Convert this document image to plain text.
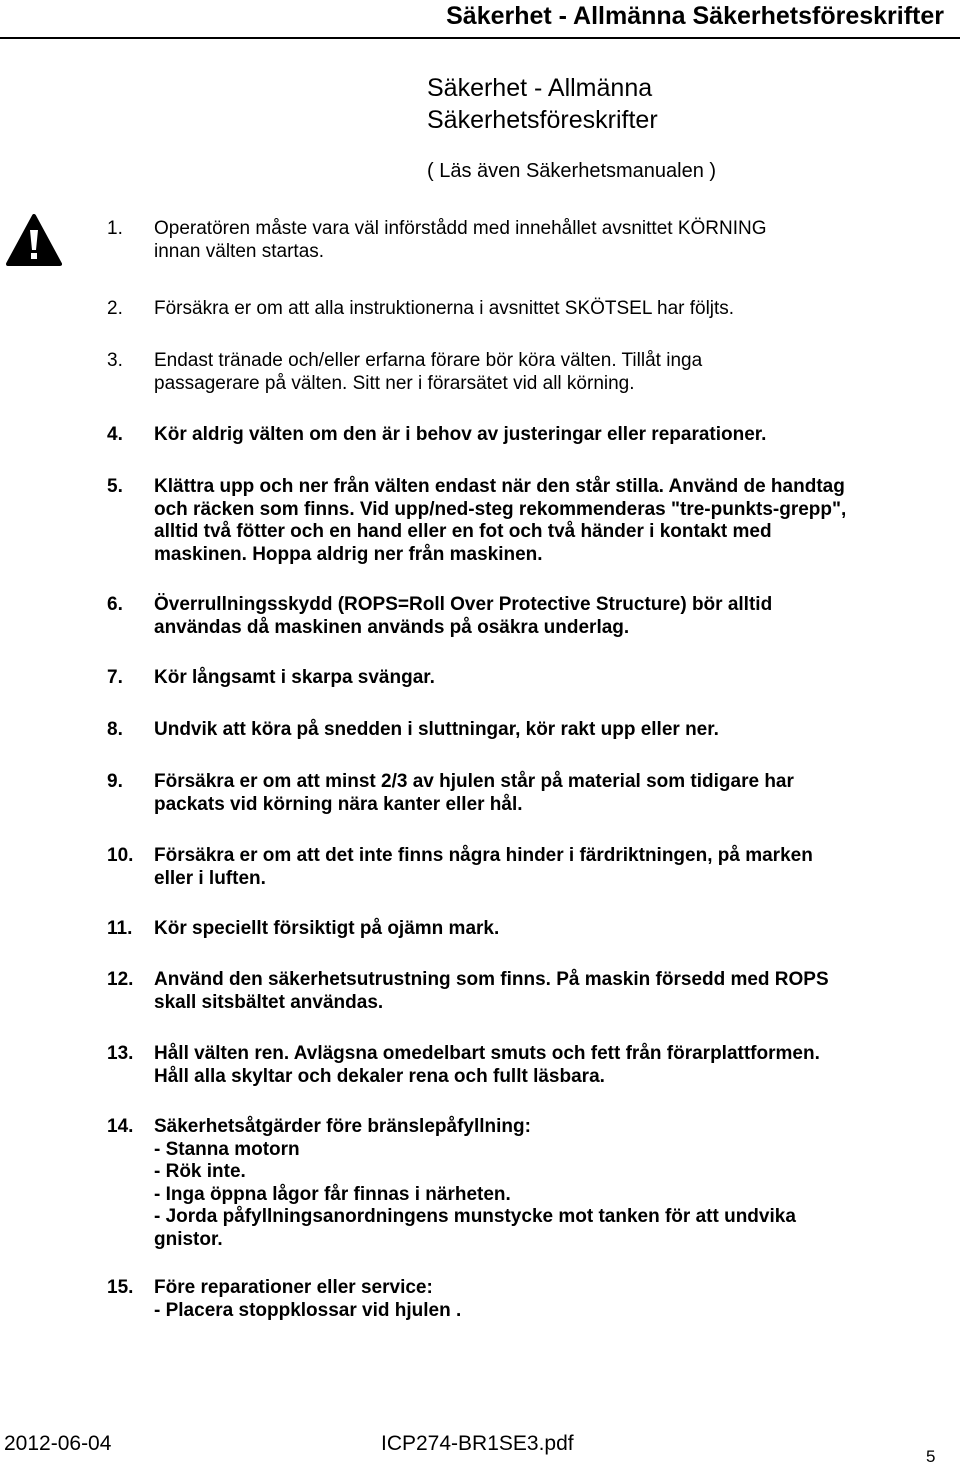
Säkerhet - Allmänna Säkerhetsföreskrifter
Säkerhet - Allmänna
Säkerhetsföreskrifter
( Läs även Säkerhetsmanualen )
1.	Operatören måste vara väl införstådd med innehållet avsnittet KÖRNING
innan välten startas.
2.	Försäkra er om att alla instruktionerna i avsnittet SKÖTSEL har följts.
3.	Endast tränade och/eller erfarna förare bör köra välten. Tillåt inga
passagerare på välten. Sitt ner i förarsätet vid all körning.
4.	Kör aldrig välten om den är i behov av justeringar eller reparationer.
5.	Klättra upp och ner från välten endast när den står stilla. Använd de handtag
och räcken som finns. Vid upp/ned-steg rekommenderas "tre-punkts-grepp",
alltid två fötter och en hand eller en fot och två händer i kontakt med
maskinen. Hoppa aldrig ner från maskinen.
6.	Överrullningsskydd (ROPS=Roll Over Protective Structure) bör alltid
användas då maskinen används på osäkra underlag.
7.	Kör långsamt i skarpa svängar.
8.	Undvik att köra på snedden i sluttningar, kör rakt upp eller ner.
9.	Försäkra er om att minst 2/3 av hjulen står på material som tidigare har
packats vid körning nära kanter eller hål.
10.	Försäkra er om att det inte finns några hinder i färdriktningen, på marken
eller i luften.
11.	Kör speciellt försiktigt på ojämn mark.
12.	Använd den säkerhetsutrustning som finns. På maskin försedd med ROPS
skall sitsbältet användas.
13.	Håll välten ren. Avlägsna omedelbart smuts och fett från förarplattformen.
Håll alla skyltar och dekaler rena och fullt läsbara.
14.	Säkerhetsåtgärder före bränslepåfyllning:
- Stanna motorn
- Rök inte.
- Inga öppna lågor får finnas i närheten.
- Jorda påfyllningsanordningens munstycke mot tanken för att undvika
gnistor.
15.	Före reparationer eller service:
- Placera stoppklossar vid hjulen .
2012-06-04	ICP274-BR1SE3.pdf
5
